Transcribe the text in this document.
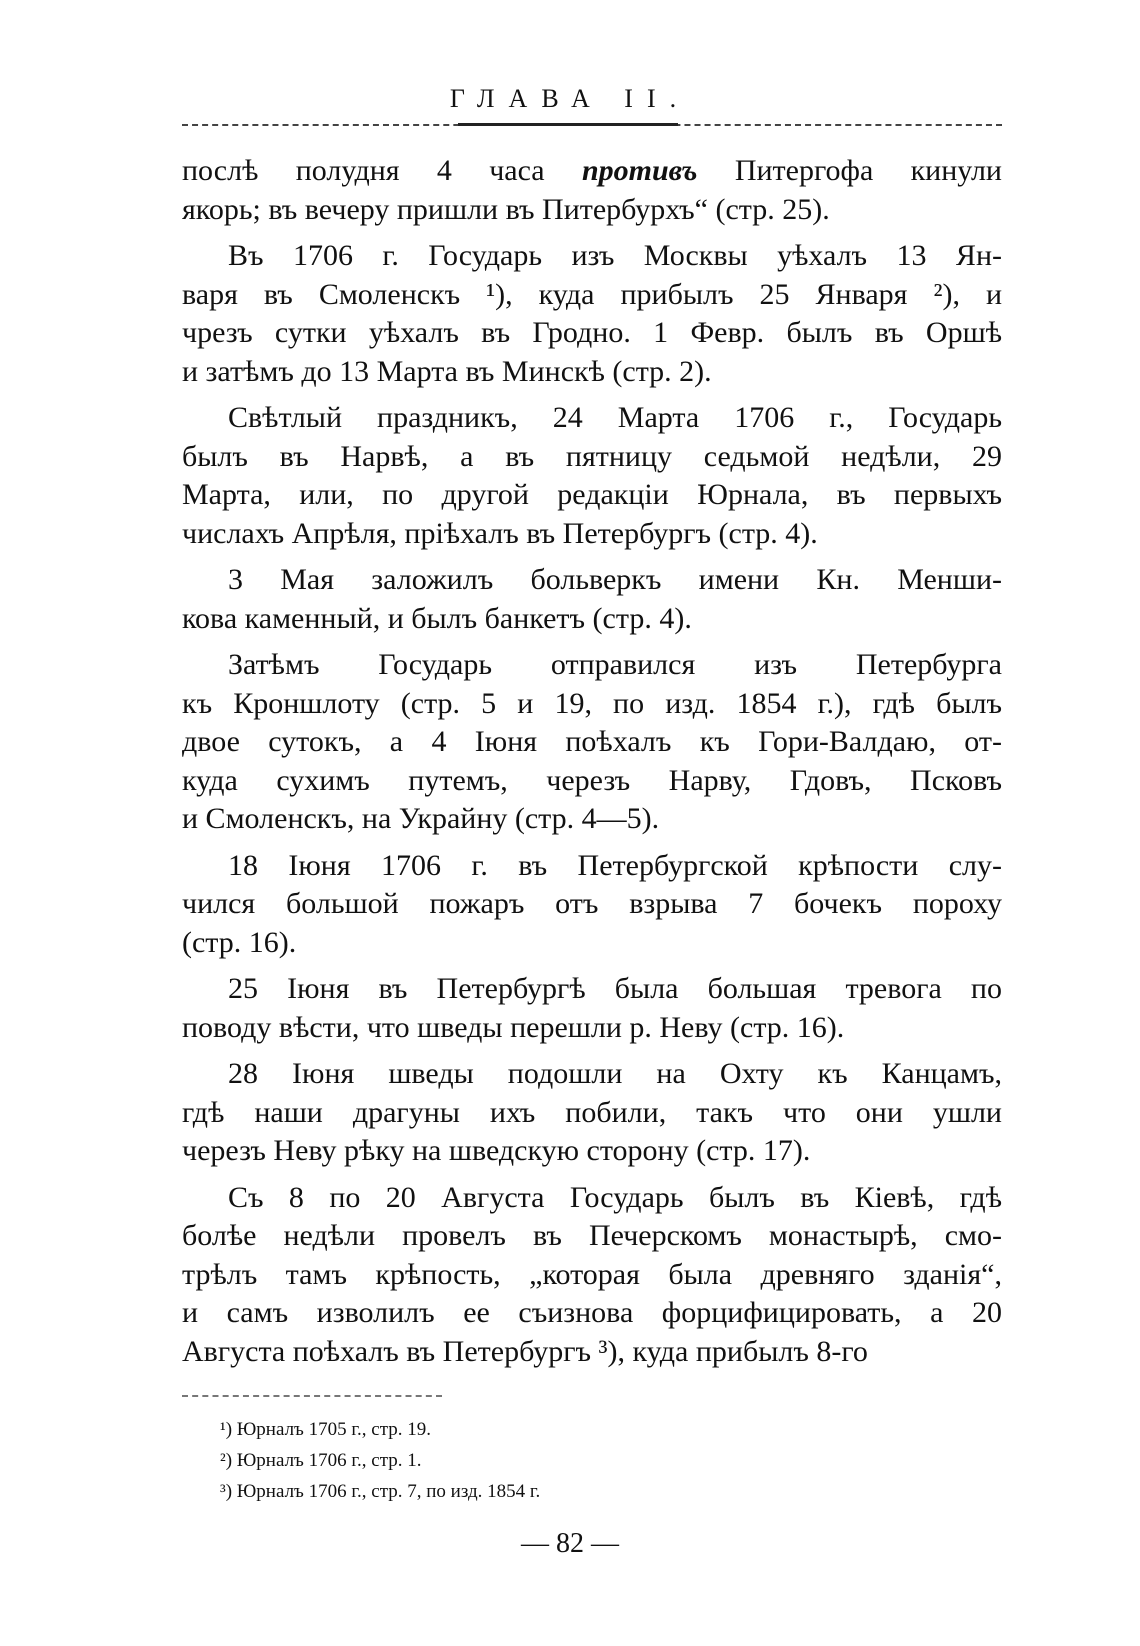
ГЛАВА II.
послѣ полудня 4 часа противъ Питергофа кинули
якорь; въ вечеру пришли въ Питербурхъ“ (стр. 25).
Въ 1706 г. Государь изъ Москвы уѣхалъ 13 Ян-
варя въ Смоленскъ ¹), куда прибылъ 25 Января ²), и
чрезъ сутки уѣхалъ въ Гродно. 1 Февр. былъ въ Оршѣ
и затѣмъ до 13 Марта въ Минскѣ (стр. 2).
Свѣтлый праздникъ, 24 Марта 1706 г., Государь
былъ въ Нарвѣ, а въ пятницу седьмой недѣли, 29
Марта, или, по другой редакціи Юрнала, въ первыхъ
числахъ Апрѣля, пріѣхалъ въ Петербургъ (стр. 4).
3 Мая заложилъ больверкъ имени Кн. Менши-
кова каменный, и былъ банкетъ (стр. 4).
Затѣмъ Государь отправился изъ Петербурга
къ Кроншлоту (стр. 5 и 19, по изд. 1854 г.), гдѣ былъ
двое сутокъ, а 4 Іюня поѣхалъ къ Гори-Валдаю, от-
куда сухимъ путемъ, черезъ Нарву, Гдовъ, Псковъ
и Смоленскъ, на Украйну (стр. 4—5).
18 Іюня 1706 г. въ Петербургской крѣпости слу-
чился большой пожаръ отъ взрыва 7 бочекъ пороху
(стр. 16).
25 Іюня въ Петербургѣ была большая тревога по
поводу вѣсти, что шведы перешли р. Неву (стр. 16).
28 Іюня шведы подошли на Охту къ Канцамъ,
гдѣ наши драгуны ихъ побили, такъ что они ушли
черезъ Неву рѣку на шведскую сторону (стр. 17).
Съ 8 по 20 Августа Государь былъ въ Кіевѣ, гдѣ
болѣе недѣли провелъ въ Печерскомъ монастырѣ, смо-
трѣлъ тамъ крѣпость, „которая была древняго зданія“,
и самъ изволилъ ее съизнова форцифицировать, а 20
Августа поѣхалъ въ Петербургъ ³), куда прибылъ 8-го
¹) Юрналъ 1705 г., стр. 19.
²) Юрналъ 1706 г., стр. 1.
³) Юрналъ 1706 г., стр. 7, по изд. 1854 г.
— 82 —
